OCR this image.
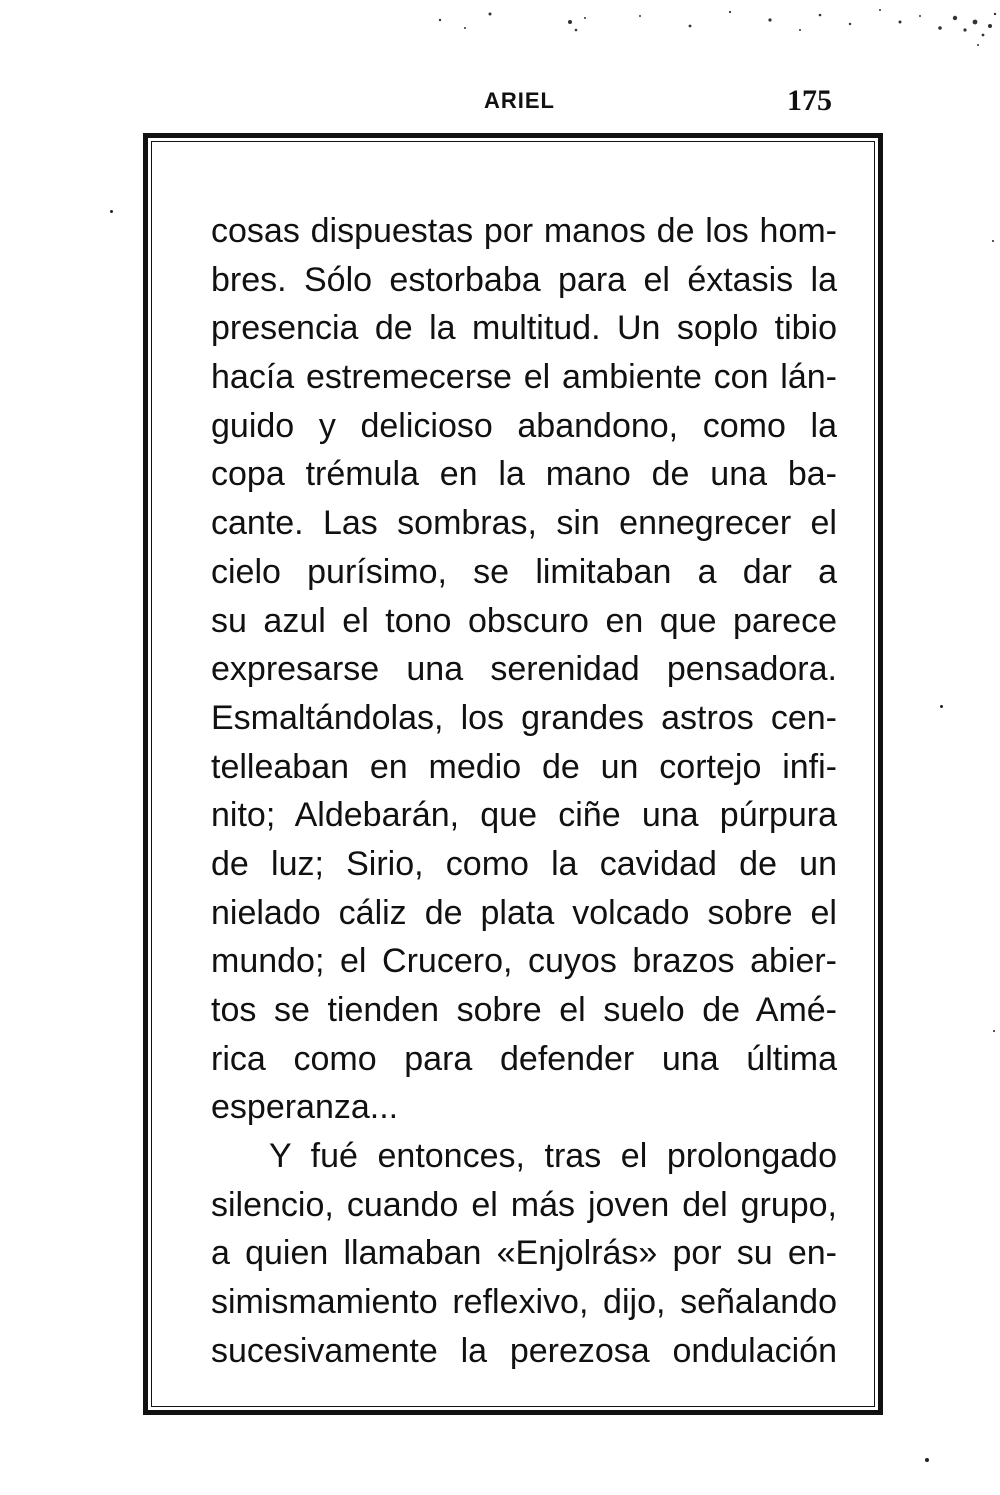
ARIEL	175
cosas dispuestas por manos de los hom-
bres. Sólo estorbaba para el éxtasis la
presencia de la multitud. Un soplo tibio
hacía estremecerse el ambiente con lán-
guido y delicioso abandono, como la
copa trémula en la mano de una ba-
cante. Las sombras, sin ennegrecer el
cielo purísimo, se limitaban a dar a
su azul el tono obscuro en que parece
expresarse una serenidad pensadora.
Esmaltándolas, los grandes astros cen-
telleaban en medio de un cortejo infi-
nito; Aldebarán, que ciñe una púrpura
de luz; Sirio, como la cavidad de un
nielado cáliz de plata volcado sobre el
mundo; el Crucero, cuyos brazos abier-
tos se tienden sobre el suelo de Amé-
rica como para defender una última
esperanza...
Y fué entonces, tras el prolongado
silencio, cuando el más joven del grupo,
a quien llamaban «Enjolrás» por su en-
simismamiento reflexivo, dijo, señalando
sucesivamente la perezosa ondulación
